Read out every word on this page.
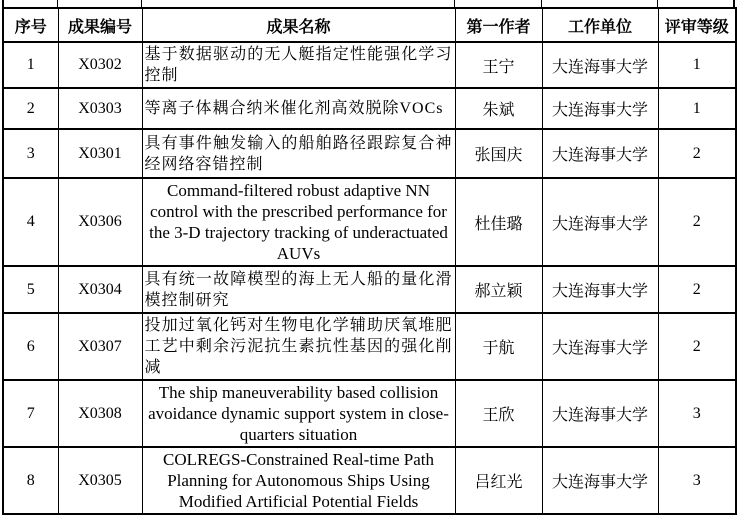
序号	成果编号	成果名称	第一作者	工作单位	评审等级
1	X0302	基于数据驱动的无人艇指定性能强化学习控制	王宁	大连海事大学	1
2	X0303	等离子体耦合纳米催化剂高效脱除VOCs	朱斌	大连海事大学	1
3	X0301	具有事件触发输入的船舶路径跟踪复合神经网络容错控制	张国庆	大连海事大学	2
4	X0306	Command-filtered robust adaptive NN control with the prescribed performance for the 3-D trajectory tracking of underactuated AUVs	杜佳璐	大连海事大学	2
5	X0304	具有统一故障模型的海上无人船的量化滑模控制研究	郝立颖	大连海事大学	2
6	X0307	投加过氧化钙对生物电化学辅助厌氧堆肥工艺中剩余污泥抗生素抗性基因的强化削减	于航	大连海事大学	2
7	X0308	The ship maneuverability based collision avoidance dynamic support system in close-quarters situation	王欣	大连海事大学	3
8	X0305	COLREGS-Constrained Real-time Path Planning for Autonomous Ships Using Modified Artificial Potential Fields	吕红光	大连海事大学	3
